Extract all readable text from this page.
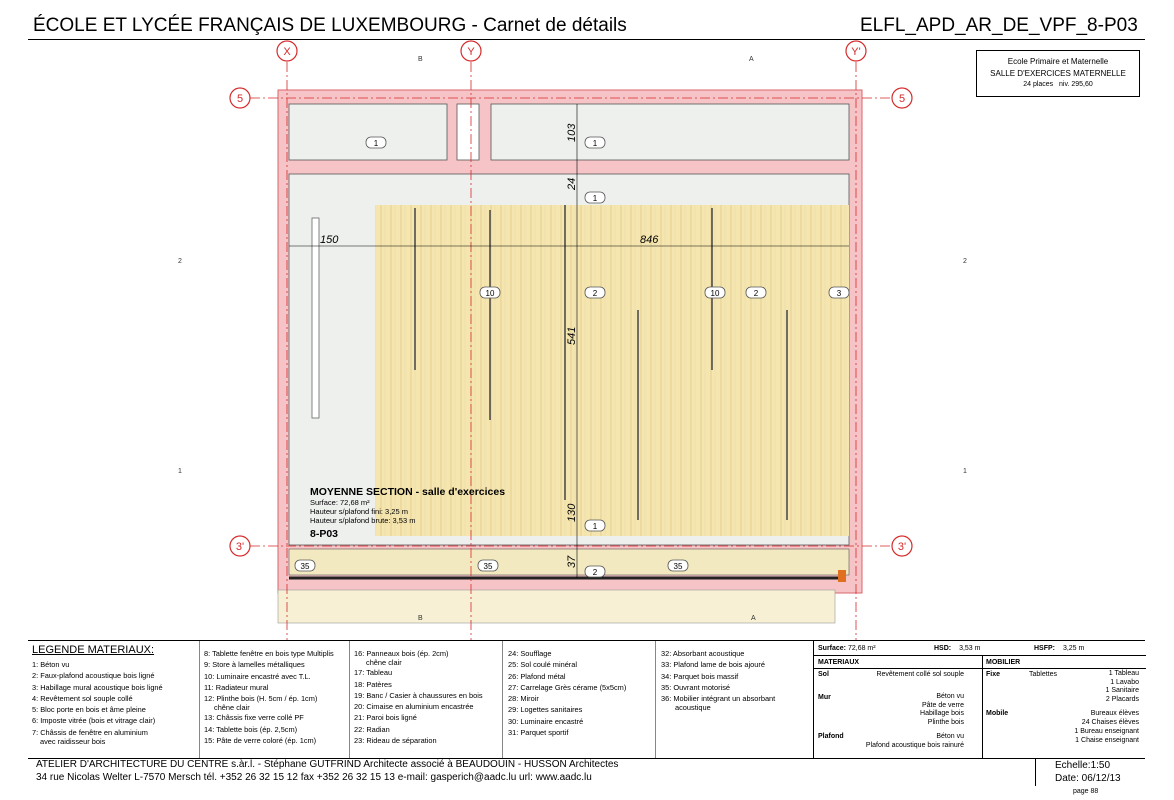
ÉCOLE ET LYCÉE FRANÇAIS DE LUXEMBOURG - Carnet de détails	ELFL_APD_AR_DE_VPF_8-P03
Ecole Primaire et Maternelle
SALLE D'EXERCICES MATERNELLE
24 places niv. 295,60
X	Y	Y'
5	5
3'	3'
150	846
103
24
541
130
37
1	1
1
1
10	2	10	2	3
2
35	35	35
B	A
2	2
1	1
B	A
MOYENNE SECTION - salle d'exercices
Surface: 72,68 m²
Hauteur s/plafond fini: 3,25 m
Hauteur s/plafond brute: 3,53 m
8-P03
LEGENDE MATERIAUX:
1: Béton vu
2: Faux-plafond acoustique bois ligné
3: Habillage mural acoustique bois ligné
4: Revêtement sol souple collé
5: Bloc porte en bois et âme pleine
6: Imposte vitrée (bois et vitrage clair)
7: Châssis de fenêtre en aluminium
avec raidisseur bois
8: Tablette fenêtre en bois type Multiplis
9: Store à lamelles métalliques
10: Luminaire encastré avec T.L.
11: Radiateur mural
12: Plinthe bois (H. 5cm / ép. 1cm)
chêne clair
13: Châssis fixe verre collé PF
14: Tablette bois (ép. 2,5cm)
15: Pâte de verre coloré (ép. 1cm)
16: Panneaux bois (ép. 2cm)
chêne clair
17: Tableau
18: Patères
19: Banc / Casier à chaussures en bois
20: Cimaise en aluminium encastrée
21: Paroi bois ligné
22: Radian
23: Rideau de séparation
24: Soufflage
25: Sol coulé minéral
26: Plafond métal
27: Carrelage Grès cérame (5x5cm)
28: Miroir
29: Logettes sanitaires
30: Luminaire encastré
31: Parquet sportif
32: Absorbant acoustique
33: Plafond lame de bois ajouré
34: Parquet bois massif
35: Ouvrant motorisé
36: Mobilier intégrant un absorbant
acoustique
Surface: 72,68 m²	HSD: 3,53 m	HSFP: 3,25 m
MATERIAUX	MOBILIER
Sol	Revêtement collé sol souple
Mur	Béton vu
Pâte de verre
Habillage bois
Plinthe bois
Plafond	Béton vu
Plafond acoustique bois rainuré
Fixe	Tablettes	1 Tableau
1 Lavabo
1 Sanitaire
2 Placards
Mobile	Bureaux élèves
24 Chaises élèves
1 Bureau enseignant
1 Chaise enseignant
ATELIER D'ARCHITECTURE DU CENTRE s.àr.l. - Stéphane GUTFRIND Architecte associé à BEAUDOUIN - HUSSON Architectes
34 rue Nicolas Welter L-7570 Mersch tél. +352 26 32 15 12 fax +352 26 32 15 13 e-mail: gasperich@aadc.lu url: www.aadc.lu
Echelle:1:50
Date: 06/12/13
page 88
